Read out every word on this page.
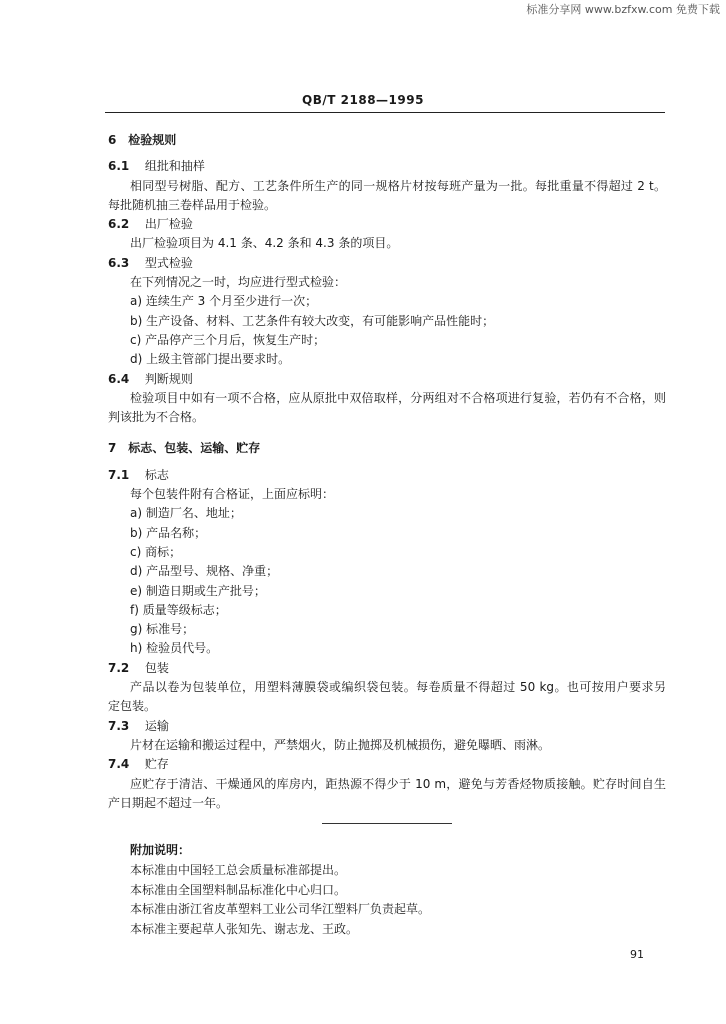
标准分享网 www.bzfxw.com 免费下载
QB/T 2188—1995
6 检验规则
6.1 组批和抽样
相同型号树脂、配方、工艺条件所生产的同一规格片材按每班产量为一批。每批重量不得超过 2 t。
每批随机抽三卷样品用于检验。
6.2 出厂检验
出厂检验项目为 4.1 条、4.2 条和 4.3 条的项目。
6.3 型式检验
在下列情况之一时，均应进行型式检验：
a) 连续生产 3 个月至少进行一次；
b) 生产设备、材料、工艺条件有较大改变，有可能影响产品性能时；
c) 产品停产三个月后，恢复生产时；
d) 上级主管部门提出要求时。
6.4 判断规则
检验项目中如有一项不合格，应从原批中双倍取样，分两组对不合格项进行复验，若仍有不合格，则
判该批为不合格。
7 标志、包装、运输、贮存
7.1 标志
每个包装件附有合格证，上面应标明：
a) 制造厂名、地址；
b) 产品名称；
c) 商标；
d) 产品型号、规格、净重；
e) 制造日期或生产批号；
f) 质量等级标志；
g) 标准号；
h) 检验员代号。
7.2 包装
产品以卷为包装单位，用塑料薄膜袋或编织袋包装。每卷质量不得超过 50 kg。也可按用户要求另
定包装。
7.3 运输
片材在运输和搬运过程中，严禁烟火，防止抛掷及机械损伤，避免曝晒、雨淋。
7.4 贮存
应贮存于清洁、干燥通风的库房内，距热源不得少于 10 m，避免与芳香烃物质接触。贮存时间自生
产日期起不超过一年。
附加说明：
本标准由中国轻工总会质量标准部提出。
本标准由全国塑料制品标准化中心归口。
本标准由浙江省皮革塑料工业公司华江塑料厂负责起草。
本标准主要起草人张知先、谢志龙、王政。
91
